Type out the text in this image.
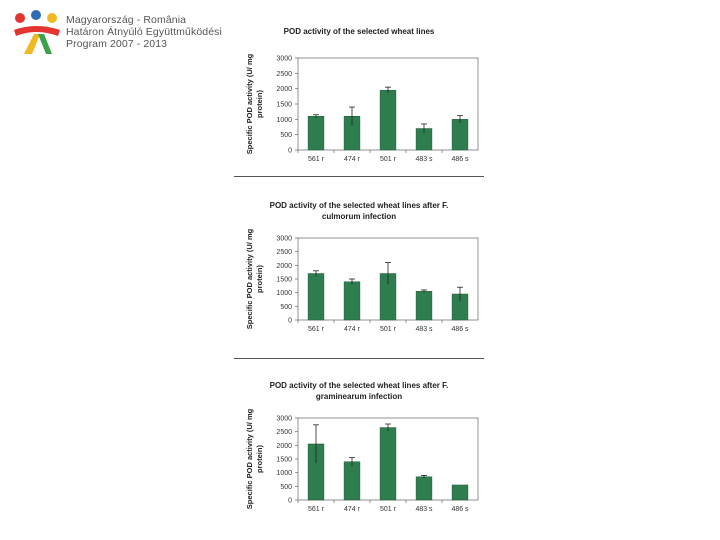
Magyarország - România
Határon Átnyúló Együttműködési
Program 2007 - 2013
POD activity of the selected wheat lines
0
500
1000
1500
2000
2500
3000
Specific POD activity (U/ mg protein)
561 r	474 r	501 r	483 s	486 s
POD activity of the selected wheat lines after F.
culmorum infection
0
500
1000
1500
2000
2500
3000
Specific POD activity (U/ mg protein)
561 r	474 r	501 r	483 s	486 s
POD activity of the selected wheat lines after F.
graminearum infection
0
500
1000
1500
2000
2500
3000
Specific POD activity (U/ mg protein)
561 r	474 r	501 r	483 s	486 s
